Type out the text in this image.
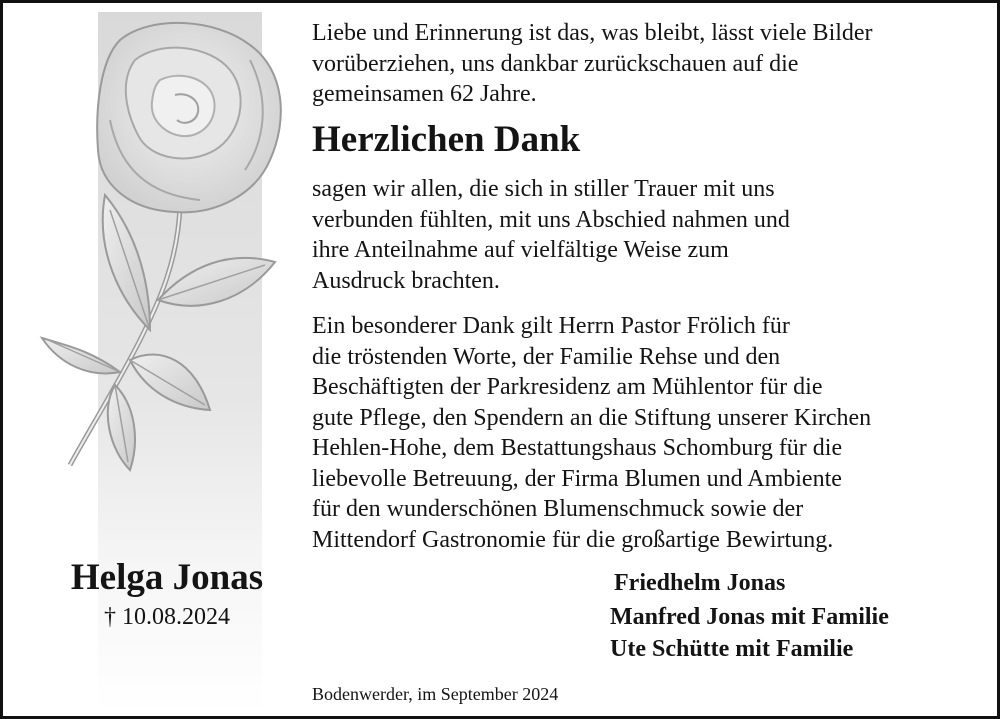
Liebe und Erinnerung ist das, was bleibt, lässt viele Bilder
vorüberziehen, uns dankbar zurückschauen auf die
gemeinsamen 62 Jahre.
Herzlichen Dank
sagen wir allen, die sich in stiller Trauer mit uns
verbunden fühlten, mit uns Abschied nahmen und
ihre Anteilnahme auf vielfältige Weise zum
Ausdruck brachten.
Ein besonderer Dank gilt Herrn Pastor Frölich für
die tröstenden Worte, der Familie Rehse und den
Beschäftigten der Parkresidenz am Mühlentor für die
gute Pflege, den Spendern an die Stiftung unserer Kirchen
Hehlen-Hohe, dem Bestattungshaus Schomburg für die
liebevolle Betreuung, der Firma Blumen und Ambiente
für den wunderschönen Blumenschmuck sowie der
Mittendorf Gastronomie für die großartige Bewirtung.
Helga Jonas
† 10.08.2024
Friedhelm Jonas
Manfred Jonas mit Familie
Ute Schütte mit Familie
Bodenwerder, im September 2024
